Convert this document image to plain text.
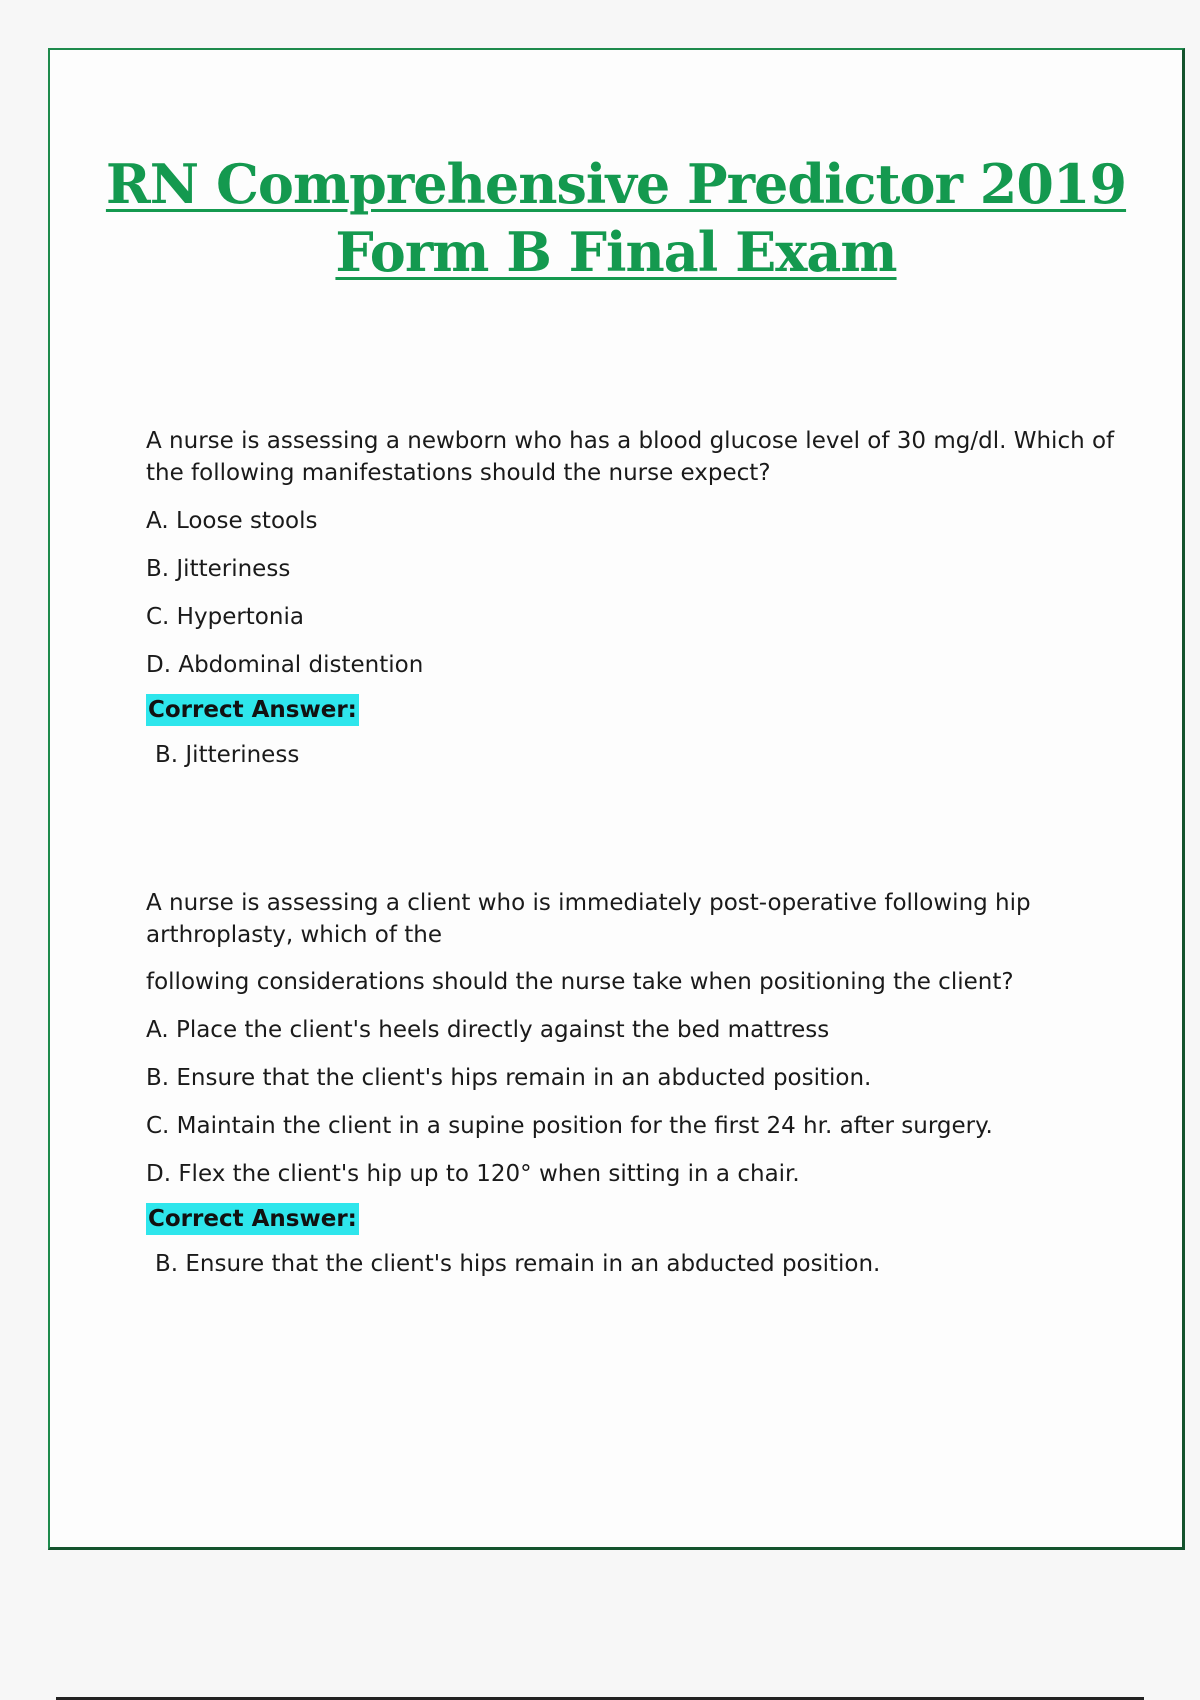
RN Comprehensive Predictor 2019
Form B Final Exam

A nurse is assessing a newborn who has a blood glucose level of 30 mg/dl. Which of the following manifestations should the nurse expect?

A. Loose stools
B. Jitteriness
C. Hypertonia
D. Abdominal distention
Correct Answer:

B. Jitteriness

A nurse is assessing a client who is immediately post-operative following hip arthroplasty, which of the

following considerations should the nurse take when positioning the client?

A. Place the client's heels directly against the bed mattress
B. Ensure that the client's hips remain in an abducted position.
C. Maintain the client in a supine position for the first 24 hr. after surgery.
D. Flex the client's hip up to 120° when sitting in a chair.
Correct Answer:

B. Ensure that the client's hips remain in an abducted position.
